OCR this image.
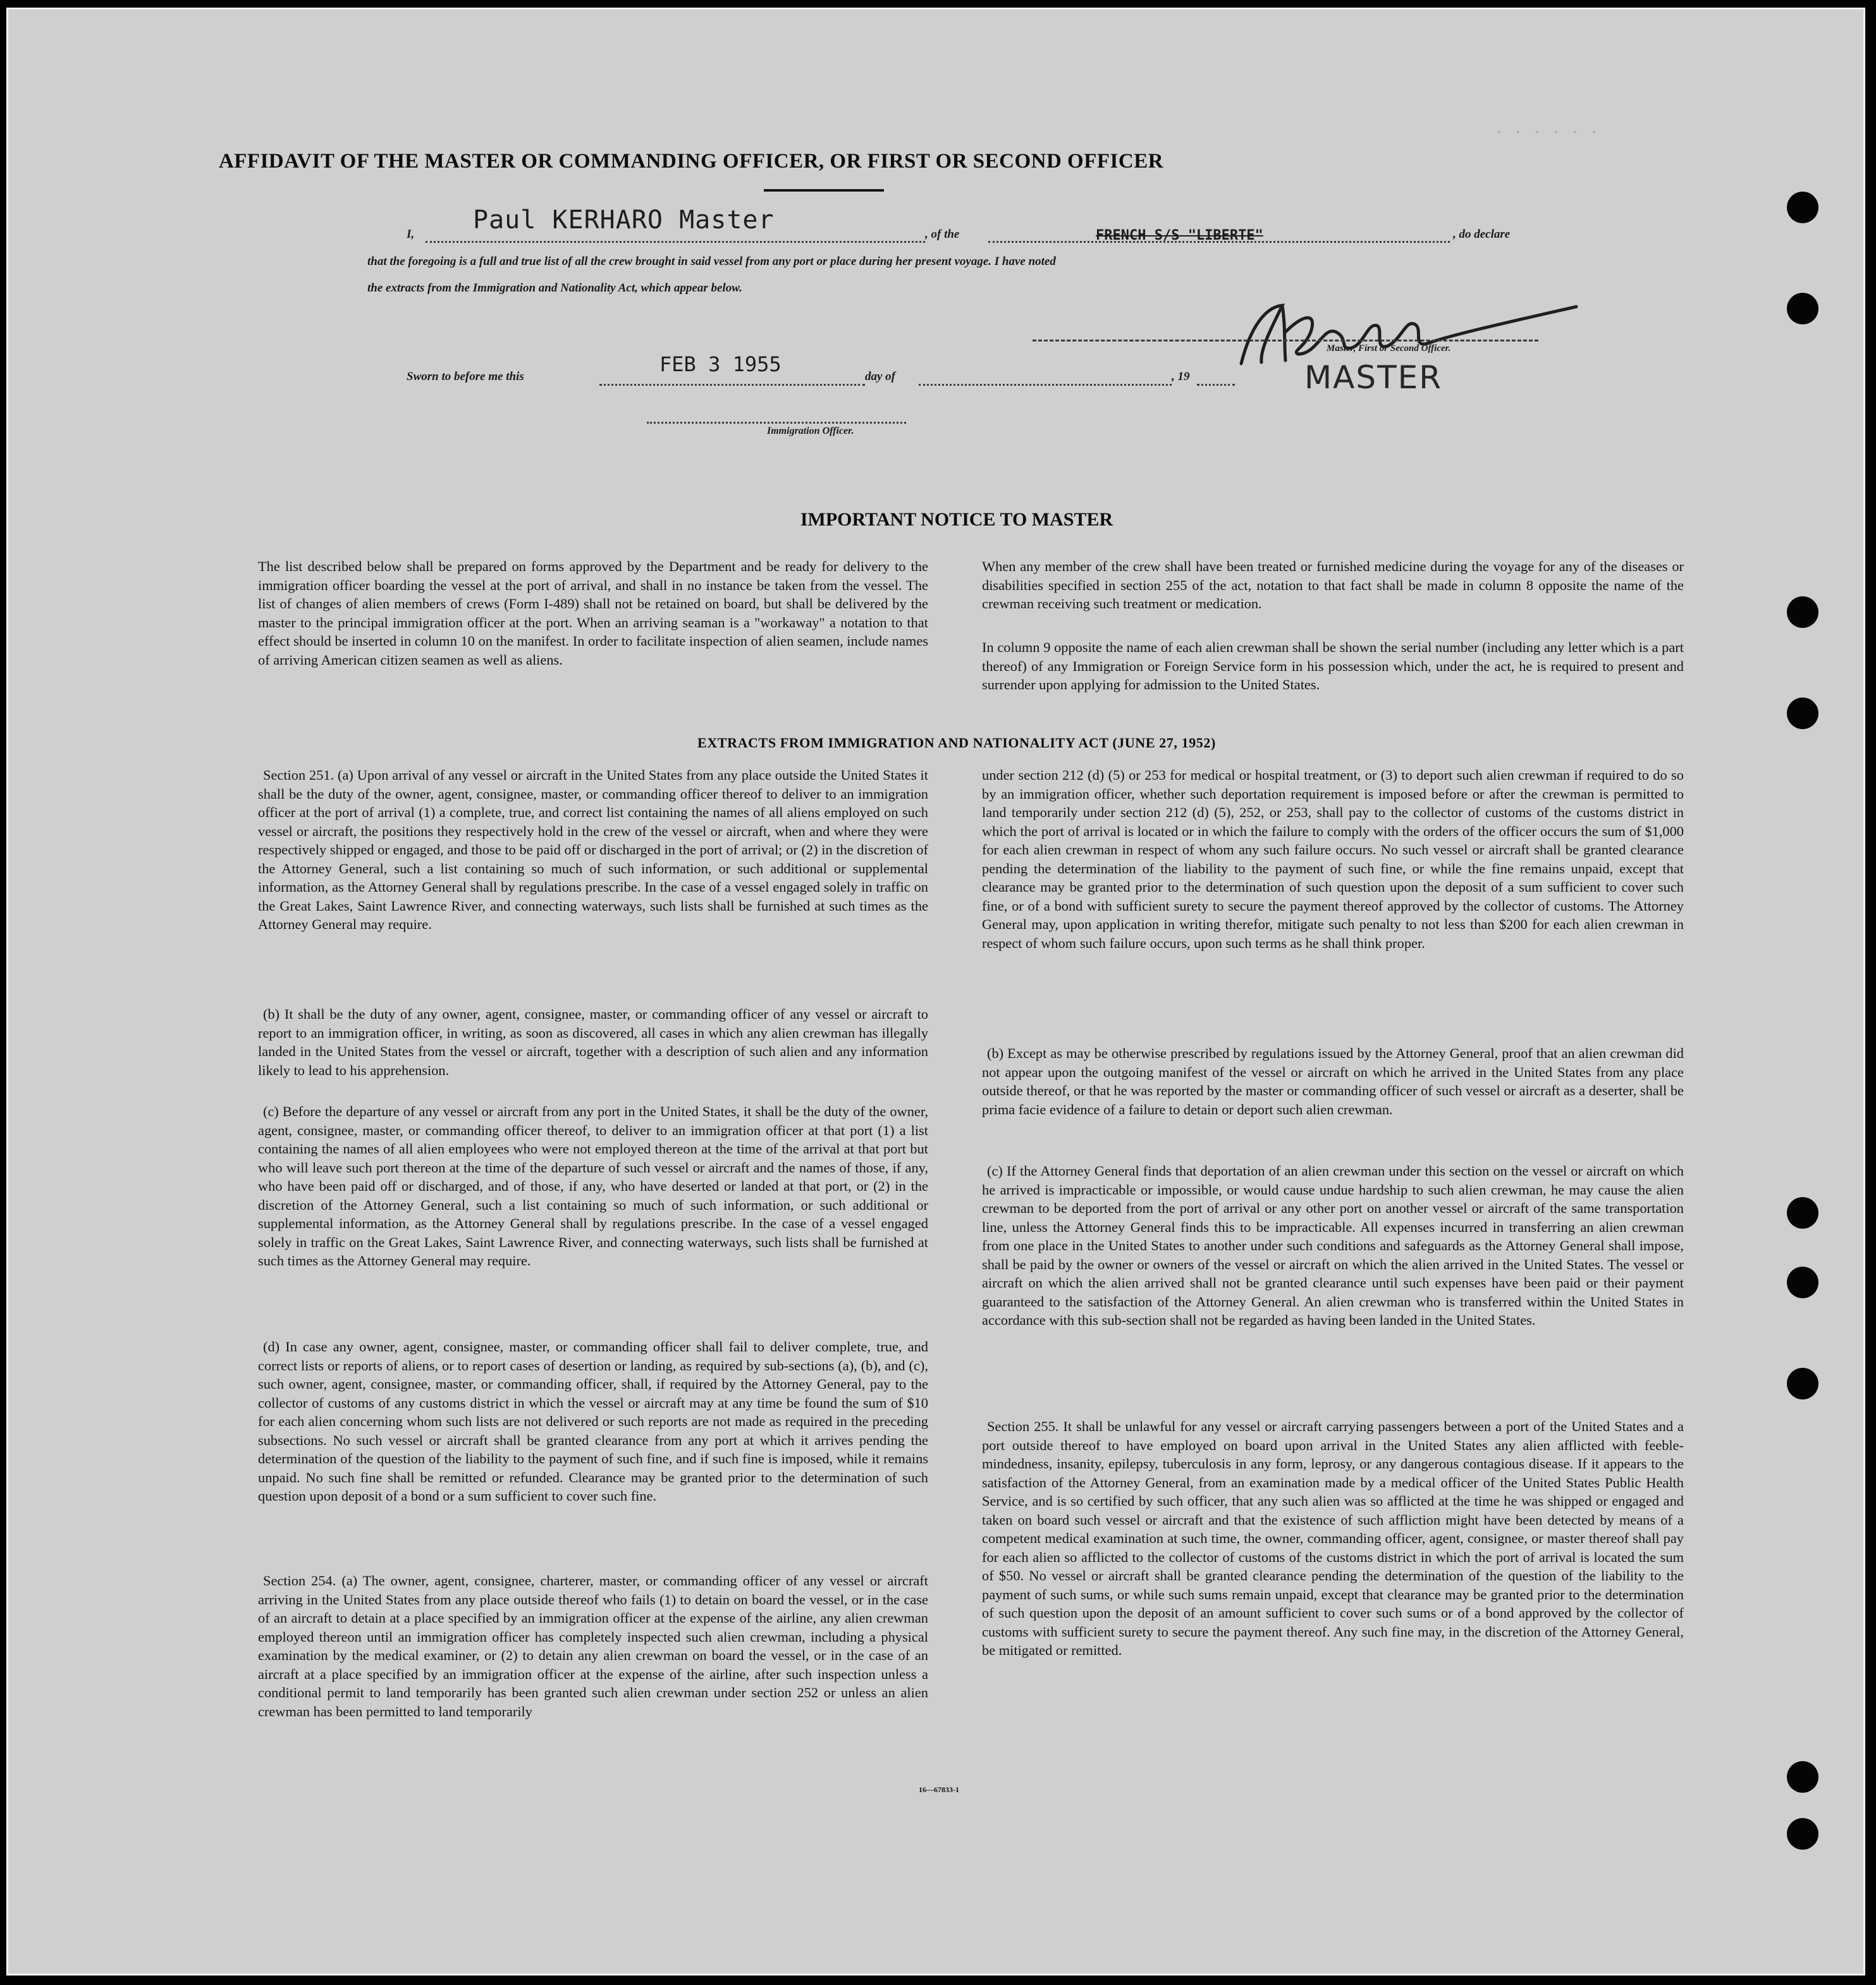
· · · · · ·
AFFIDAVIT OF THE MASTER OR COMMANDING OFFICER, OR FIRST OR SECOND OFFICER
I, Paul KERHARO Master	, of the	FRENCH S/S "LIBERTE"	, do declare
that the foregoing is a full and true list of all the crew brought in said vessel from any port or place during her present voyage. I have noted
the extracts from the Immigration and Nationality Act, which appear below.
Master, First or Second Officer.
MASTER
Sworn to before me this
FEB 3 1955
day of	, 19
Immigration Officer.
IMPORTANT NOTICE TO MASTER

The list described below shall be prepared on forms approved by the Department and be ready for delivery to the immigration officer boarding the vessel at the port of arrival, and shall in no instance be taken from the vessel. The list of changes of alien members of crews (Form I-489) shall not be retained on board, but shall be delivered by the master to the principal immigration officer at the port. When an arriving seaman is a "workaway" a notation to that effect should be inserted in column 10 on the manifest. In order to facilitate inspection of alien seamen, include names of arriving American citizen seamen as well as aliens.

When any member of the crew shall have been treated or furnished medicine during the voyage for any of the diseases or disabilities specified in section 255 of the act, notation to that fact shall be made in column 8 opposite the name of the crewman receiving such treatment or medication.

In column 9 opposite the name of each alien crewman shall be shown the serial number (including any letter which is a part thereof) of any Immigration or Foreign Service form in his possession which, under the act, he is required to present and surrender upon applying for admission to the United States.

EXTRACTS FROM IMMIGRATION AND NATIONALITY ACT (JUNE 27, 1952)

Section 251. (a) Upon arrival of any vessel or aircraft in the United States from any place outside the United States it shall be the duty of the owner, agent, consignee, master, or commanding officer thereof to deliver to an immigration officer at the port of arrival (1) a complete, true, and correct list containing the names of all aliens employed on such vessel or aircraft, the positions they respectively hold in the crew of the vessel or aircraft, when and where they were respectively shipped or engaged, and those to be paid off or discharged in the port of arrival; or (2) in the discretion of the Attorney General, such a list containing so much of such information, or such additional or supplemental information, as the Attorney General shall by regulations prescribe. In the case of a vessel engaged solely in traffic on the Great Lakes, Saint Lawrence River, and connecting waterways, such lists shall be furnished at such times as the Attorney General may require.

(b) It shall be the duty of any owner, agent, consignee, master, or commanding officer of any vessel or aircraft to report to an immigration officer, in writing, as soon as discovered, all cases in which any alien crewman has illegally landed in the United States from the vessel or aircraft, together with a description of such alien and any information likely to lead to his apprehension.

(c) Before the departure of any vessel or aircraft from any port in the United States, it shall be the duty of the owner, agent, consignee, master, or commanding officer thereof, to deliver to an immigration officer at that port (1) a list containing the names of all alien employees who were not employed thereon at the time of the arrival at that port but who will leave such port thereon at the time of the departure of such vessel or aircraft and the names of those, if any, who have been paid off or discharged, and of those, if any, who have deserted or landed at that port, or (2) in the discretion of the Attorney General, such a list containing so much of such information, or such additional or supplemental information, as the Attorney General shall by regulations prescribe. In the case of a vessel engaged solely in traffic on the Great Lakes, Saint Lawrence River, and connecting waterways, such lists shall be furnished at such times as the Attorney General may require.

(d) In case any owner, agent, consignee, master, or commanding officer shall fail to deliver complete, true, and correct lists or reports of aliens, or to report cases of desertion or landing, as required by sub-sections (a), (b), and (c), such owner, agent, consignee, master, or commanding officer, shall, if required by the Attorney General, pay to the collector of customs of any customs district in which the vessel or aircraft may at any time be found the sum of $10 for each alien concerning whom such lists are not delivered or such reports are not made as required in the preceding subsections. No such vessel or aircraft shall be granted clearance from any port at which it arrives pending the determination of the question of the liability to the payment of such fine, and if such fine is imposed, while it remains unpaid. No such fine shall be remitted or refunded. Clearance may be granted prior to the determination of such question upon deposit of a bond or a sum sufficient to cover such fine.

Section 254. (a) The owner, agent, consignee, charterer, master, or commanding officer of any vessel or aircraft arriving in the United States from any place outside thereof who fails (1) to detain on board the vessel, or in the case of an aircraft to detain at a place specified by an immigration officer at the expense of the airline, any alien crewman employed thereon until an immigration officer has completely inspected such alien crewman, including a physical examination by the medical examiner, or (2) to detain any alien crewman on board the vessel, or in the case of an aircraft at a place specified by an immigration officer at the expense of the airline, after such inspection unless a conditional permit to land temporarily has been granted such alien crewman under section 252 or unless an alien crewman has been permitted to land temporarily

under section 212 (d) (5) or 253 for medical or hospital treatment, or (3) to deport such alien crewman if required to do so by an immigration officer, whether such deportation requirement is imposed before or after the crewman is permitted to land temporarily under section 212 (d) (5), 252, or 253, shall pay to the collector of customs of the customs district in which the port of arrival is located or in which the failure to comply with the orders of the officer occurs the sum of $1,000 for each alien crewman in respect of whom any such failure occurs. No such vessel or aircraft shall be granted clearance pending the determination of the liability to the payment of such fine, or while the fine remains unpaid, except that clearance may be granted prior to the determination of such question upon the deposit of a sum sufficient to cover such fine, or of a bond with sufficient surety to secure the payment thereof approved by the collector of customs. The Attorney General may, upon application in writing therefor, mitigate such penalty to not less than $200 for each alien crewman in respect of whom such failure occurs, upon such terms as he shall think proper.

(b) Except as may be otherwise prescribed by regulations issued by the Attorney General, proof that an alien crewman did not appear upon the outgoing manifest of the vessel or aircraft on which he arrived in the United States from any place outside thereof, or that he was reported by the master or commanding officer of such vessel or aircraft as a deserter, shall be prima facie evidence of a failure to detain or deport such alien crewman.

(c) If the Attorney General finds that deportation of an alien crewman under this section on the vessel or aircraft on which he arrived is impracticable or impossible, or would cause undue hardship to such alien crewman, he may cause the alien crewman to be deported from the port of arrival or any other port on another vessel or aircraft of the same transportation line, unless the Attorney General finds this to be impracticable. All expenses incurred in transferring an alien crewman from one place in the United States to another under such conditions and safeguards as the Attorney General shall impose, shall be paid by the owner or owners of the vessel or aircraft on which the alien arrived in the United States. The vessel or aircraft on which the alien arrived shall not be granted clearance until such expenses have been paid or their payment guaranteed to the satisfaction of the Attorney General. An alien crewman who is transferred within the United States in accordance with this sub-section shall not be regarded as having been landed in the United States.

Section 255. It shall be unlawful for any vessel or aircraft carrying passengers between a port of the United States and a port outside thereof to have employed on board upon arrival in the United States any alien afflicted with feeble-mindedness, insanity, epilepsy, tuberculosis in any form, leprosy, or any dangerous contagious disease. If it appears to the satisfaction of the Attorney General, from an examination made by a medical officer of the United States Public Health Service, and is so certified by such officer, that any such alien was so afflicted at the time he was shipped or engaged and taken on board such vessel or aircraft and that the existence of such affliction might have been detected by means of a competent medical examination at such time, the owner, commanding officer, agent, consignee, or master thereof shall pay for each alien so afflicted to the collector of customs of the customs district in which the port of arrival is located the sum of $50. No vessel or aircraft shall be granted clearance pending the determination of the question of the liability to the payment of such sums, or while such sums remain unpaid, except that clearance may be granted prior to the determination of such question upon the deposit of an amount sufficient to cover such sums or of a bond approved by the collector of customs with sufficient surety to secure the payment thereof. Any such fine may, in the discretion of the Attorney General, be mitigated or remitted.

16—67833-1
